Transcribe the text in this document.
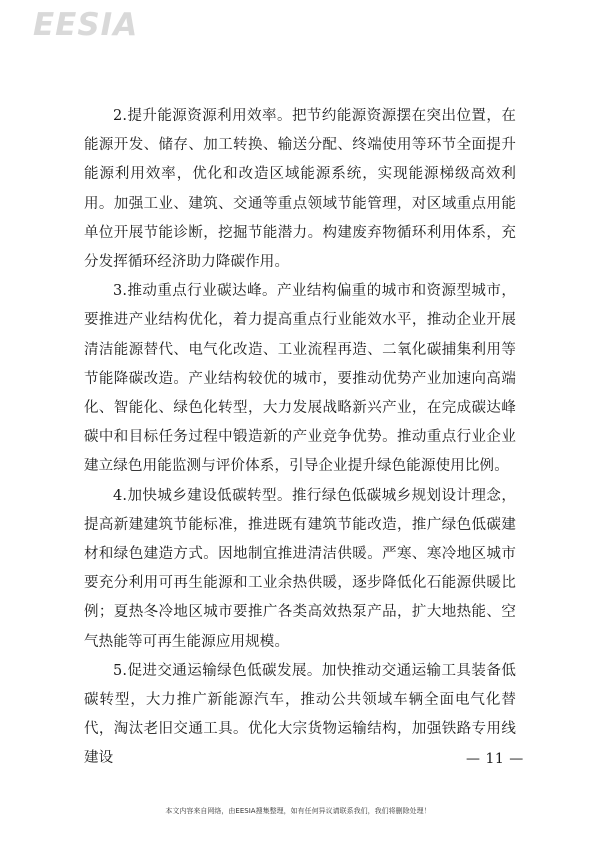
EESIA

2.提升能源资源利用效率。把节约能源资源摆在突出位置，在能源开发、储存、加工转换、输送分配、终端使用等环节全面提升能源利用效率，优化和改造区域能源系统，实现能源梯级高效利用。加强工业、建筑、交通等重点领域节能管理，对区域重点用能单位开展节能诊断，挖掘节能潜力。构建废弃物循环利用体系，充分发挥循环经济助力降碳作用。

3.推动重点行业碳达峰。产业结构偏重的城市和资源型城市，要推进产业结构优化，着力提高重点行业能效水平，推动企业开展清洁能源替代、电气化改造、工业流程再造、二氧化碳捕集利用等节能降碳改造。产业结构较优的城市，要推动优势产业加速向高端化、智能化、绿色化转型，大力发展战略新兴产业，在完成碳达峰碳中和目标任务过程中锻造新的产业竞争优势。推动重点行业企业建立绿色用能监测与评价体系，引导企业提升绿色能源使用比例。

4.加快城乡建设低碳转型。推行绿色低碳城乡规划设计理念，提高新建建筑节能标准，推进既有建筑节能改造，推广绿色低碳建材和绿色建造方式。因地制宜推进清洁供暖。严寒、寒冷地区城市要充分利用可再生能源和工业余热供暖，逐步降低化石能源供暖比例；夏热冬冷地区城市要推广各类高效热泵产品，扩大地热能、空气热能等可再生能源应用规模。

5.促进交通运输绿色低碳发展。加快推动交通运输工具装备低碳转型，大力推广新能源汽车，推动公共领域车辆全面电气化替代，淘汰老旧交通工具。优化大宗货物运输结构，加强铁路专用线建设	— 11 —
本文内容来自网络，由EESIA搜集整理，如有任何异议请联系我们，我们将删除处理！
